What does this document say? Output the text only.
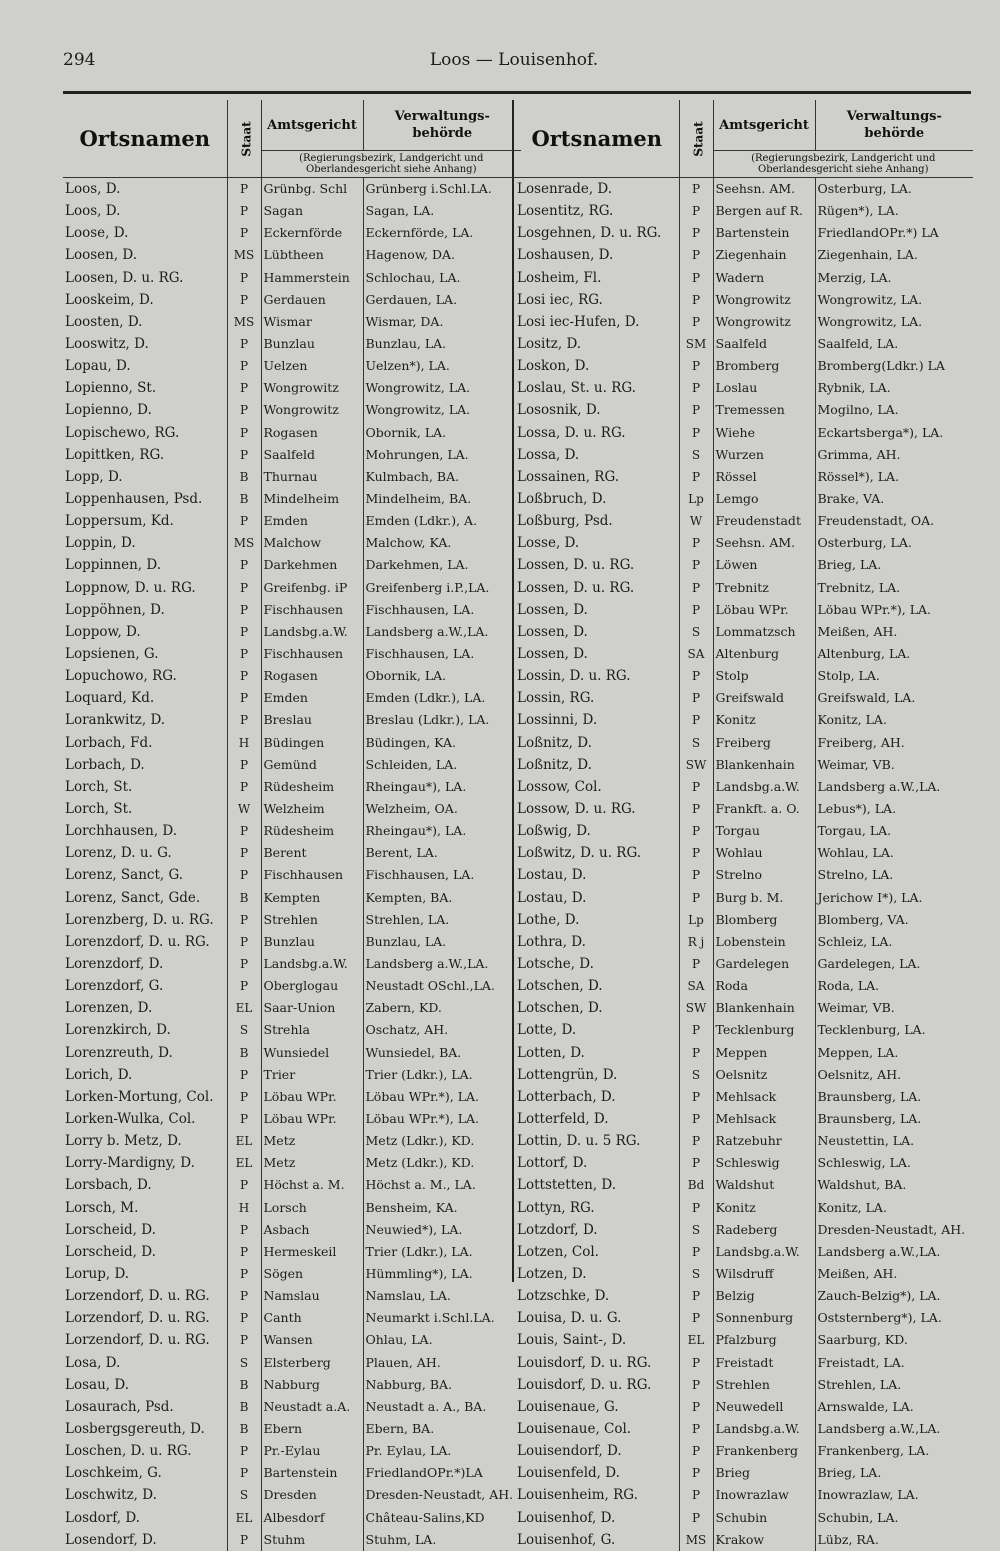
294	Loos — Louisenhof.
Ortsnamen	Staat	Amtsgericht	Verwaltungs- behörde
		(Regierungsbezirk, Landgericht und Oberlandesgericht siehe Anhang)	
Loos, D.	P	Grünbg. Schl	Grünberg i.Schl.LA.
Loos, D.	P	Sagan	Sagan, LA.
Loose, D.	P	Eckernförde	Eckernförde, LA.
Loosen, D.	MS	Lübtheen	Hagenow, DA.
Loosen, D. u. RG.	P	Hammerstein	Schlochau, LA.
Looskeim, D.	P	Gerdauen	Gerdauen, LA.
Loosten, D.	MS	Wismar	Wismar, DA.
Looswitz, D.	P	Bunzlau	Bunzlau, LA.
Lopau, D.	P	Uelzen	Uelzen*), LA.
Lopienno, St.	P	Wongrowitz	Wongrowitz, LA.
Lopienno, D.	P	Wongrowitz	Wongrowitz, LA.
Lopischewo, RG.	P	Rogasen	Obornik, LA.
Lopittken, RG.	P	Saalfeld	Mohrungen, LA.
Lopp, D.	B	Thurnau	Kulmbach, BA.
Loppenhausen, Psd.	B	Mindelheim	Mindelheim, BA.
Loppersum, Kd.	P	Emden	Emden (Ldkr.), A.
Loppin, D.	MS	Malchow	Malchow, KA.
Loppinnen, D.	P	Darkehmen	Darkehmen, LA.
Loppnow, D. u. RG.	P	Greifenbg. iP	Greifenberg i.P.,LA.
Loppöhnen, D.	P	Fischhausen	Fischhausen, LA.
Loppow, D.	P	Landsbg.a.W.	Landsberg a.W.,LA.
Lopsienen, G.	P	Fischhausen	Fischhausen, LA.
Lopuchowo, RG.	P	Rogasen	Obornik, LA.
Loquard, Kd.	P	Emden	Emden (Ldkr.), LA.
Lorankwitz, D.	P	Breslau	Breslau (Ldkr.), LA.
Lorbach, Fd.	H	Büdingen	Büdingen, KA.
Lorbach, D.	P	Gemünd	Schleiden, LA.
Lorch, St.	P	Rüdesheim	Rheingau*), LA.
Lorch, St.	W	Welzheim	Welzheim, OA.
Lorchhausen, D.	P	Rüdesheim	Rheingau*), LA.
Lorenz, D. u. G.	P	Berent	Berent, LA.
Lorenz, Sanct, G.	P	Fischhausen	Fischhausen, LA.
Lorenz, Sanct, Gde.	B	Kempten	Kempten, BA.
Lorenzberg, D. u. RG.	P	Strehlen	Strehlen, LA.
Lorenzdorf, D. u. RG.	P	Bunzlau	Bunzlau, LA.
Lorenzdorf, D.	P	Landsbg.a.W.	Landsberg a.W.,LA.
Lorenzdorf, G.	P	Oberglogau	Neustadt OSchl.,LA.
Lorenzen, D.	EL	Saar-Union	Zabern, KD.
Lorenzkirch, D.	S	Strehla	Oschatz, AH.
Lorenzreuth, D.	B	Wunsiedel	Wunsiedel, BA.
Lorich, D.	P	Trier	Trier (Ldkr.), LA.
Lorken-Mortung, Col.	P	Löbau WPr.	Löbau WPr.*), LA.
Lorken-Wulka, Col.	P	Löbau WPr.	Löbau WPr.*), LA.
Lorry b. Metz, D.	EL	Metz	Metz (Ldkr.), KD.
Lorry-Mardigny, D.	EL	Metz	Metz (Ldkr.), KD.
Lorsbach, D.	P	Höchst a. M.	Höchst a. M., LA.
Lorsch, M.	H	Lorsch	Bensheim, KA.
Lorscheid, D.	P	Asbach	Neuwied*), LA.
Lorscheid, D.	P	Hermeskeil	Trier (Ldkr.), LA.
Lorup, D.	P	Sögen	Hümmling*), LA.
Lorzendorf, D. u. RG.	P	Namslau	Namslau, LA.
Lorzendorf, D. u. RG.	P	Canth	Neumarkt i.Schl.LA.
Lorzendorf, D. u. RG.	P	Wansen	Ohlau, LA.
Losa, D.	S	Elsterberg	Plauen, AH.
Losau, D.	B	Nabburg	Nabburg, BA.
Losaurach, Psd.	B	Neustadt a.A.	Neustadt a. A., BA.
Losbergsgereuth, D.	B	Ebern	Ebern, BA.
Loschen, D. u. RG.	P	Pr.-Eylau	Pr. Eylau, LA.
Loschkeim, G.	P	Bartenstein	FriedlandOPr.*)LA
Loschwitz, D.	S	Dresden	Dresden-Neustadt, AH.
Losdorf, D.	EL	Albesdorf	Château-Salins,KD
Losendorf, D.	P	Stuhm	Stuhm, LA.
Ortsnamen	Staat	Amtsgericht	Verwaltungs- behörde
		(Regierungsbezirk, Landgericht und Oberlandesgericht siehe Anhang)	
Losenrade, D.	P	Seehsn. AM.	Osterburg, LA.
Losentitz, RG.	P	Bergen auf R.	Rügen*), LA.
Losgehnen, D. u. RG.	P	Bartenstein	FriedlandOPr.*) LA
Loshausen, D.	P	Ziegenhain	Ziegenhain, LA.
Losheim, Fl.	P	Wadern	Merzig, LA.
Losi iec, RG.	P	Wongrowitz	Wongrowitz, LA.
Losi iec-Hufen, D.	P	Wongrowitz	Wongrowitz, LA.
Lositz, D.	SM	Saalfeld	Saalfeld, LA.
Loskon, D.	P	Bromberg	Bromberg(Ldkr.) LA
Loslau, St. u. RG.	P	Loslau	Rybnik, LA.
Lososnik, D.	P	Tremessen	Mogilno, LA.
Lossa, D. u. RG.	P	Wiehe	Eckartsberga*), LA.
Lossa, D.	S	Wurzen	Grimma, AH.
Lossainen, RG.	P	Rössel	Rössel*), LA.
Loßbruch, D.	Lp	Lemgo	Brake, VA.
Loßburg, Psd.	W	Freudenstadt	Freudenstadt, OA.
Losse, D.	P	Seehsn. AM.	Osterburg, LA.
Lossen, D. u. RG.	P	Löwen	Brieg, LA.
Lossen, D. u. RG.	P	Trebnitz	Trebnitz, LA.
Lossen, D.	P	Löbau WPr.	Löbau WPr.*), LA.
Lossen, D.	S	Lommatzsch	Meißen, AH.
Lossen, D.	SA	Altenburg	Altenburg, LA.
Lossin, D. u. RG.	P	Stolp	Stolp, LA.
Lossin, RG.	P	Greifswald	Greifswald, LA.
Lossinni, D.	P	Konitz	Konitz, LA.
Loßnitz, D.	S	Freiberg	Freiberg, AH.
Loßnitz, D.	SW	Blankenhain	Weimar, VB.
Lossow, Col.	P	Landsbg.a.W.	Landsberg a.W.,LA.
Lossow, D. u. RG.	P	Frankft. a. O.	Lebus*), LA.
Loßwig, D.	P	Torgau	Torgau, LA.
Loßwitz, D. u. RG.	P	Wohlau	Wohlau, LA.
Lostau, D.	P	Strelno	Strelno, LA.
Lostau, D.	P	Burg b. M.	Jerichow I*), LA.
Lothe, D.	Lp	Blomberg	Blomberg, VA.
Lothra, D.	R j	Lobenstein	Schleiz, LA.
Lotsche, D.	P	Gardelegen	Gardelegen, LA.
Lotschen, D.	SA	Roda	Roda, LA.
Lotschen, D.	SW	Blankenhain	Weimar, VB.
Lotte, D.	P	Tecklenburg	Tecklenburg, LA.
Lotten, D.	P	Meppen	Meppen, LA.
Lottengrün, D.	S	Oelsnitz	Oelsnitz, AH.
Lotterbach, D.	P	Mehlsack	Braunsberg, LA.
Lotterfeld, D.	P	Mehlsack	Braunsberg, LA.
Lottin, D. u. 5 RG.	P	Ratzebuhr	Neustettin, LA.
Lottorf, D.	P	Schleswig	Schleswig, LA.
Lottstetten, D.	Bd	Waldshut	Waldshut, BA.
Lottyn, RG.	P	Konitz	Konitz, LA.
Lotzdorf, D.	S	Radeberg	Dresden-Neustadt, AH.
Lotzen, Col.	P	Landsbg.a.W.	Landsberg a.W.,LA.
Lotzen, D.	S	Wilsdruff	Meißen, AH.
Lotzschke, D.	P	Belzig	Zauch-Belzig*), LA.
Louisa, D. u. G.	P	Sonnenburg	Oststernberg*), LA.
Louis, Saint-, D.	EL	Pfalzburg	Saarburg, KD.
Louisdorf, D. u. RG.	P	Freistadt	Freistadt, LA.
Louisdorf, D. u. RG.	P	Strehlen	Strehlen, LA.
Louisenaue, G.	P	Neuwedell	Arnswalde, LA.
Louisenaue, Col.	P	Landsbg.a.W.	Landsberg a.W.,LA.
Louisendorf, D.	P	Frankenberg	Frankenberg, LA.
Louisenfeld, D.	P	Brieg	Brieg, LA.
Louisenheim, RG.	P	Inowrazlaw	Inowrazlaw, LA.
Louisenhof, D.	P	Schubin	Schubin, LA.
Louisenhof, G.	MS	Krakow	Lübz, RA.
